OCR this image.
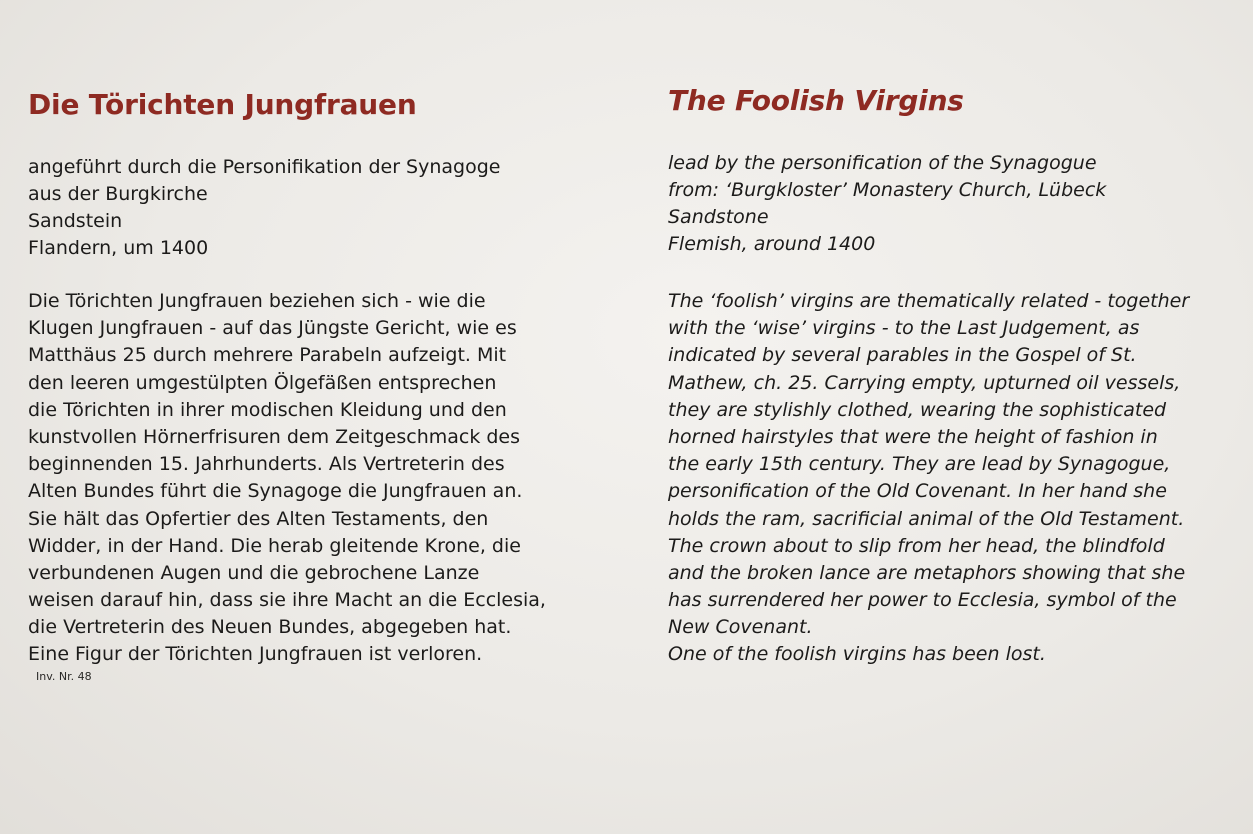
Die Törichten Jungfrauen
angeführt durch die Personifikation der Synagoge
aus der Burgkirche
Sandstein
Flandern, um 1400
Die Törichten Jungfrauen beziehen sich - wie die
Klugen Jungfrauen - auf das Jüngste Gericht, wie es
Matthäus 25 durch mehrere Parabeln aufzeigt. Mit
den leeren umgestülpten Ölgefäßen entsprechen
die Törichten in ihrer modischen Kleidung und den
kunstvollen Hörnerfrisuren dem Zeitgeschmack des
beginnenden 15. Jahrhunderts. Als Vertreterin des
Alten Bundes führt die Synagoge die Jungfrauen an.
Sie hält das Opfertier des Alten Testaments, den
Widder, in der Hand. Die herab gleitende Krone, die
verbundenen Augen und die gebrochene Lanze
weisen darauf hin, dass sie ihre Macht an die Ecclesia,
die Vertreterin des Neuen Bundes, abgegeben hat.
Eine Figur der Törichten Jungfrauen ist verloren.
Inv. Nr. 48
The Foolish Virgins
lead by the personification of the Synagogue
from: ‘Burgkloster’ Monastery Church, Lübeck
Sandstone
Flemish, around 1400
The ‘foolish’ virgins are thematically related - together
with the ‘wise’ virgins - to the Last Judgement, as
indicated by several parables in the Gospel of St.
Mathew, ch. 25. Carrying empty, upturned oil vessels,
they are stylishly clothed, wearing the sophisticated
horned hairstyles that were the height of fashion in
the early 15th century. They are lead by Synagogue,
personification of the Old Covenant. In her hand she
holds the ram, sacrificial animal of the Old Testament.
The crown about to slip from her head, the blindfold
and the broken lance are metaphors showing that she
has surrendered her power to Ecclesia, symbol of the
New Covenant.
One of the foolish virgins has been lost.
